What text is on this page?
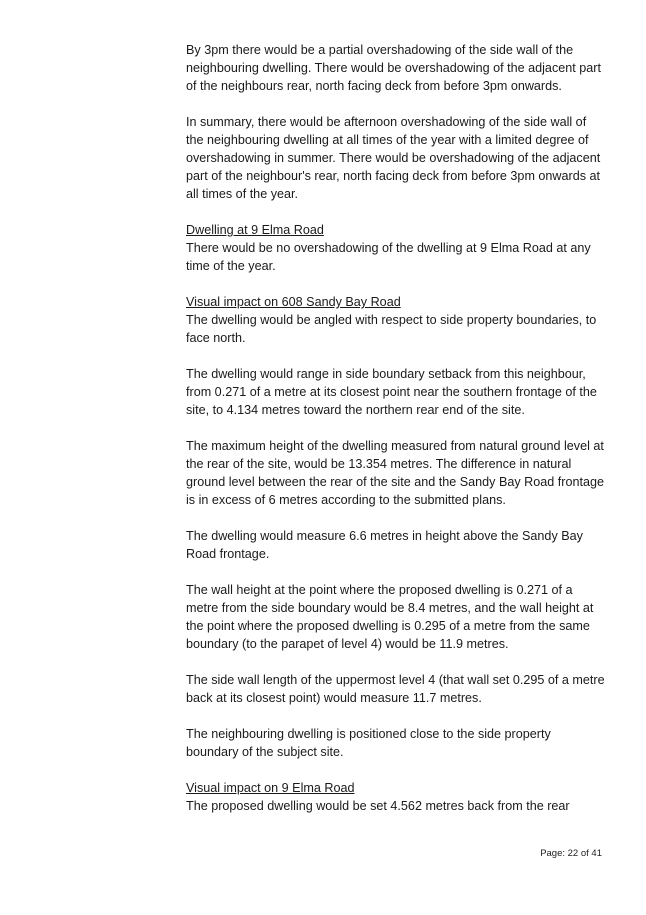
By 3pm there would be a partial overshadowing of the side wall of the neighbouring dwelling. There would be overshadowing of the adjacent part of the neighbours rear, north facing deck from before 3pm onwards.

In summary, there would be afternoon overshadowing of the side wall of the neighbouring dwelling at all times of the year with a limited degree of overshadowing in summer. There would be overshadowing of the adjacent part of the neighbour's rear, north facing deck from before 3pm onwards at all times of the year.

Dwelling at 9 Elma Road

There would be no overshadowing of the dwelling at 9 Elma Road at any time of the year.

Visual impact on 608 Sandy Bay Road

The dwelling would be angled with respect to side property boundaries, to face north.

The dwelling would range in side boundary setback from this neighbour, from 0.271 of a metre at its closest point near the southern frontage of the site, to 4.134 metres toward the northern rear end of the site.

The maximum height of the dwelling measured from natural ground level at the rear of the site, would be 13.354 metres. The difference in natural ground level between the rear of the site and the Sandy Bay Road frontage is in excess of 6 metres according to the submitted plans.

The dwelling would measure 6.6 metres in height above the Sandy Bay Road frontage.

The wall height at the point where the proposed dwelling is 0.271 of a metre from the side boundary would be 8.4 metres, and the wall height at the point where the proposed dwelling is 0.295 of a metre from the same boundary (to the parapet of level 4) would be 11.9 metres.

The side wall length of the uppermost level 4 (that wall set 0.295 of a metre back at its closest point) would measure 11.7 metres.

The neighbouring dwelling is positioned close to the side property boundary of the subject site.

Visual impact on 9 Elma Road

The proposed dwelling would be set 4.562 metres back from the rear

Page: 22 of 41
